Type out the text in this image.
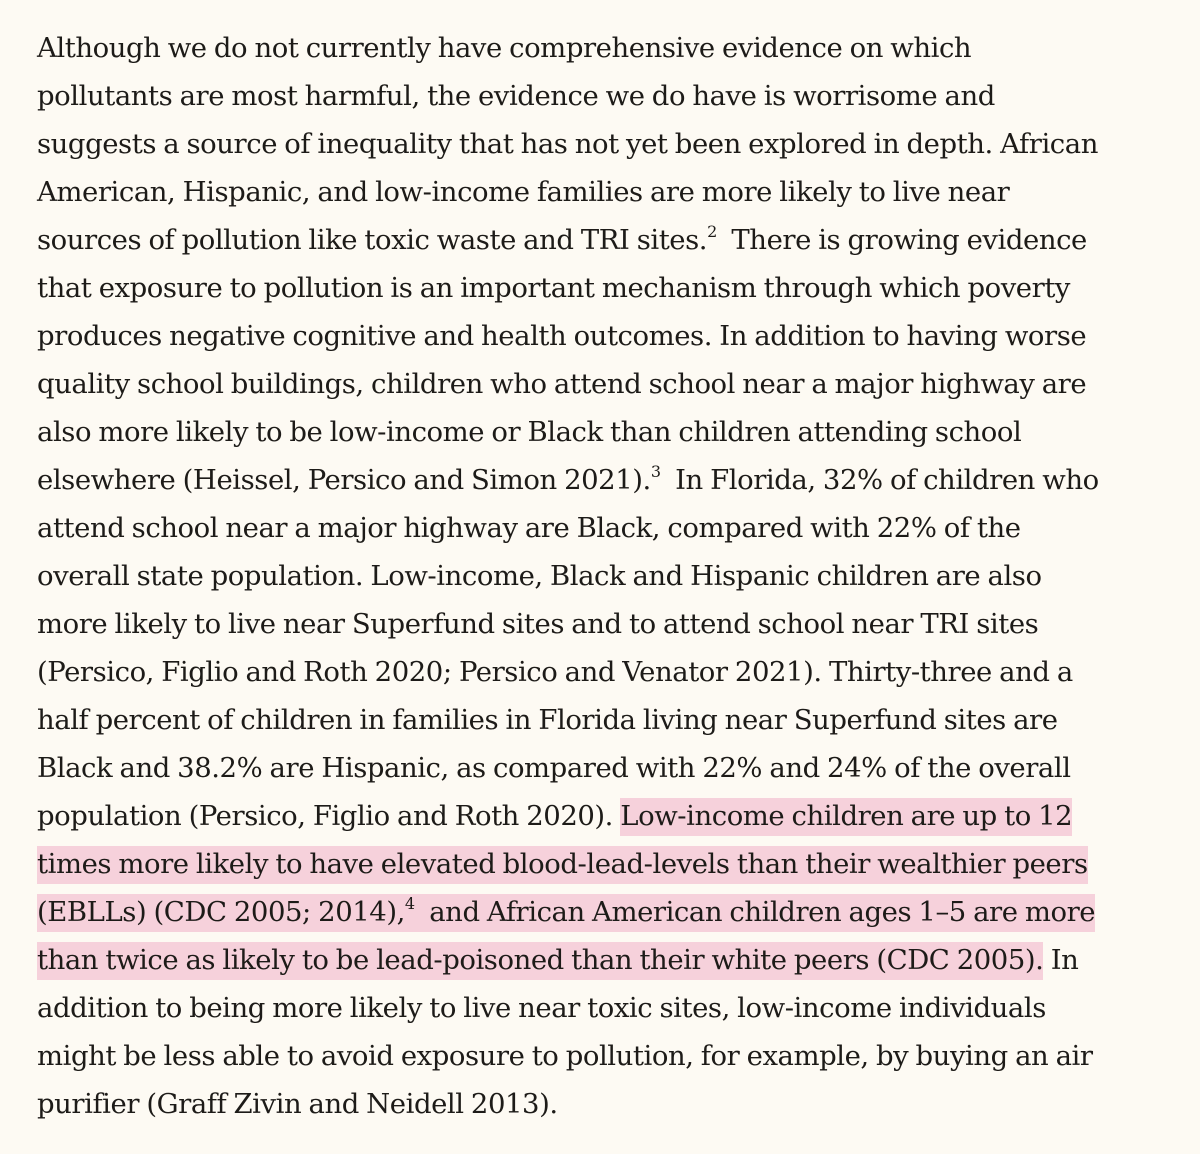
Although we do not currently have comprehensive evidence on which
pollutants are most harmful, the evidence we do have is worrisome and
suggests a source of inequality that has not yet been explored in depth. African
American, Hispanic, and low-income families are more likely to live near
sources of pollution like toxic waste and TRI sites.$^2$  There is growing evidence
that exposure to pollution is an important mechanism through which poverty
produces negative cognitive and health outcomes. In addition to having worse
quality school buildings, children who attend school near a major highway are
also more likely to be low-income or Black than children attending school
elsewhere (Heissel, Persico and Simon 2021).$^3$  In Florida, 32% of children who
attend school near a major highway are Black, compared with 22% of the
overall state population. Low-income, Black and Hispanic children are also
more likely to live near Superfund sites and to attend school near TRI sites
(Persico, Figlio and Roth 2020; Persico and Venator 2021). Thirty-three and a
half percent of children in families in Florida living near Superfund sites are
Black and 38.2% are Hispanic, as compared with 22% and 24% of the overall
population (Persico, Figlio and Roth 2020). Low-income children are up to 12
times more likely to have elevated blood-lead-levels than their wealthier peers
(EBLLs) (CDC 2005; 2014),$^4$  and African American children ages 1–5 are more
than twice as likely to be lead-poisoned than their white peers (CDC 2005). In
addition to being more likely to live near toxic sites, low-income individuals
might be less able to avoid exposure to pollution, for example, by buying an air
purifier (Graff Zivin and Neidell 2013).
